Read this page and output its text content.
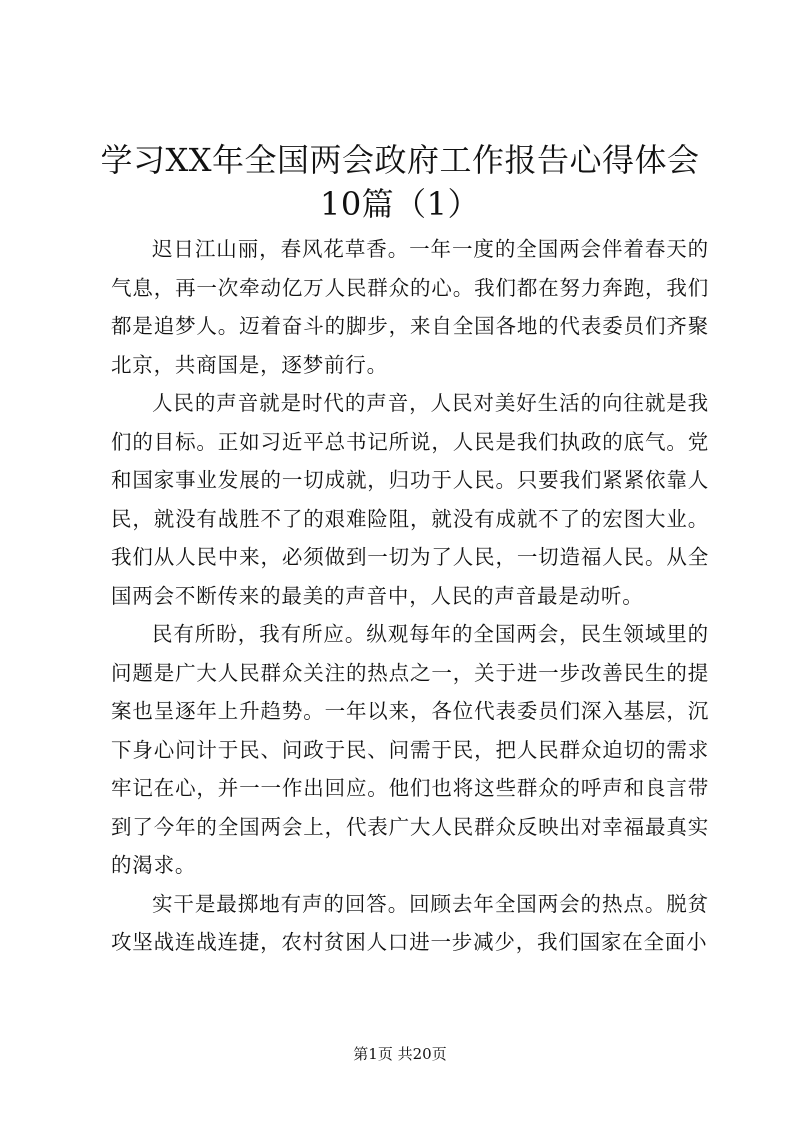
学习XX年全国两会政府工作报告心得体会10篇（1）

迟日江山丽，春风花草香。一年一度的全国两会伴着春天的气息，再一次牵动亿万人民群众的心。我们都在努力奔跑，我们都是追梦人。迈着奋斗的脚步，来自全国各地的代表委员们齐聚北京，共商国是，逐梦前行。

人民的声音就是时代的声音，人民对美好生活的向往就是我们的目标。正如习近平总书记所说，人民是我们执政的底气。党和国家事业发展的一切成就，归功于人民。只要我们紧紧依靠人民，就没有战胜不了的艰难险阻，就没有成就不了的宏图大业。我们从人民中来，必须做到一切为了人民，一切造福人民。从全国两会不断传来的最美的声音中，人民的声音最是动听。

民有所盼，我有所应。纵观每年的全国两会，民生领域里的问题是广大人民群众关注的热点之一，关于进一步改善民生的提案也呈逐年上升趋势。一年以来，各位代表委员们深入基层，沉下身心问计于民、问政于民、问需于民，把人民群众迫切的需求牢记在心，并一一作出回应。他们也将这些群众的呼声和良言带到了今年的全国两会上，代表广大人民群众反映出对幸福最真实的渴求。

实干是最掷地有声的回答。回顾去年全国两会的热点。脱贫攻坚战连战连捷，农村贫困人口进一步减少，我们国家在全面小

第1页 共20页
